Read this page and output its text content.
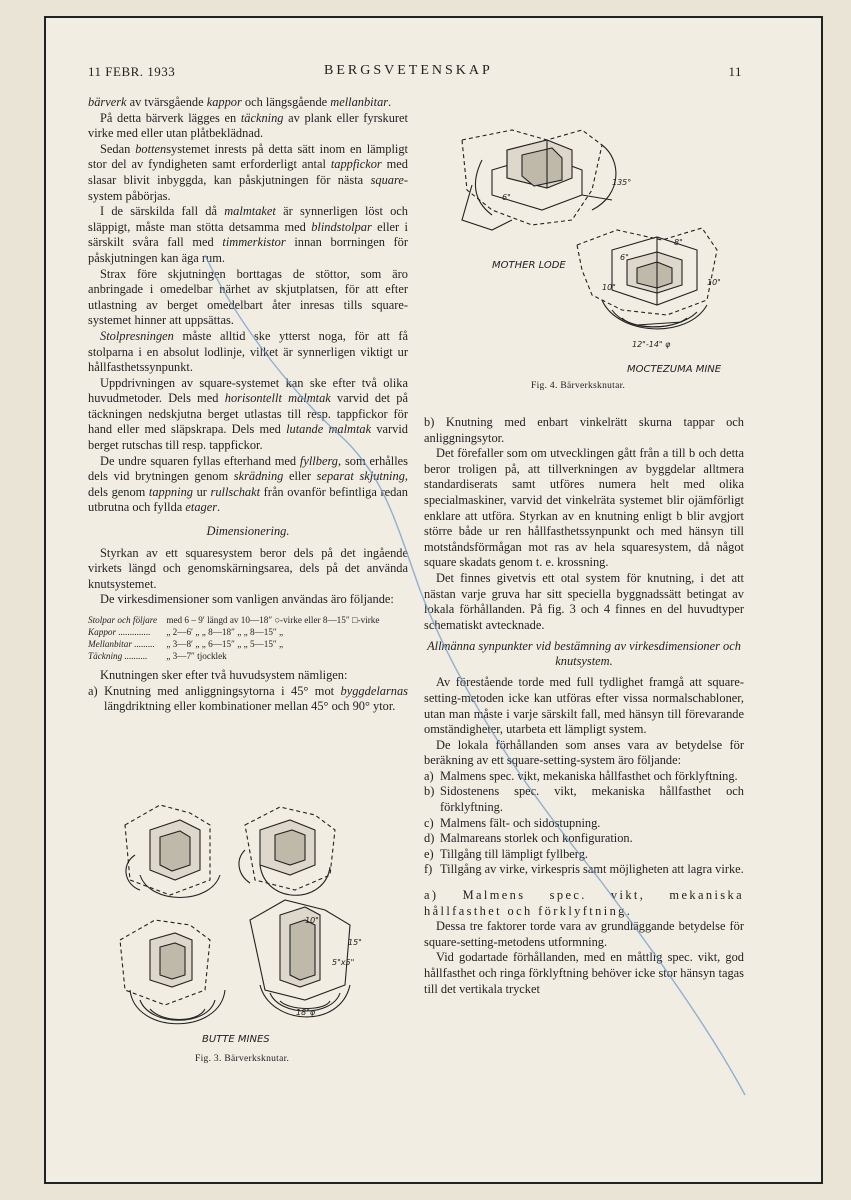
11 FEBR. 1933	BERGSVETENSKAP	11

bärverk av tvärsgående kappor och längsgående mellanbitar.

På detta bärverk lägges en täckning av plank eller fyrskuret virke med eller utan plåtbeklädnad.

Sedan bottensystemet inrests på detta sätt inom en lämpligt stor del av fyndigheten samt erforderligt antal tappfickor med slasar blivit inbyggda, kan påskjutningen för nästa square-system påbörjas.

I de särskilda fall då malmtaket är synnerligen löst och släppigt, måste man stötta detsamma med blindstolpar eller i särskilt svåra fall med timmerkistor innan borrningen för påskjutningen kan äga rum.

Strax före skjutningen borttagas de stöttor, som äro anbringade i omedelbar närhet av skjutplatsen, för att efter utlastning av berget omedelbart åter inresas tills square-systemet hinner att uppsättas.

Stolpresningen måste alltid ske ytterst noga, för att få stolparna i en absolut lodlinje, vilket är synnerligen viktigt ur hållfasthetssynpunkt.

Uppdrivningen av square-systemet kan ske efter två olika huvudmetoder. Dels med horisontellt malmtak varvid det på täckningen nedskjutna berget utlastas till resp. tappfickor för hand eller med släpskrapa. Dels med lutande malmtak varvid berget rutschas till resp. tappfickor.

De undre squaren fyllas efterhand med fyllberg, som erhålles dels vid brytningen genom skrädning eller separat skjutning, dels genom tappning ur rullschakt från ovanför befintliga redan utbrutna och fyllda etager.

Dimensionering.

Styrkan av ett squaresystem beror dels på det ingående virkets längd och genomskärningsarea, dels på det använda knutsystemet.

De virkesdimensioner som vanligen användas äro följande:

Stolpar och följare	med 6 – 9′ längd av 10—18″ ○-virke eller 8—15″ □-virke
Kappor ..............	„ 2—6′ „ „ 8—18″ „ „ 8—15″ „
Mellanbitar .........	„ 3—8′ „ „ 6—15″ „ „ 5—15″ „
Täckning ..........	„ 3—7″ tjocklek

Knutningen sker efter två huvudsystem nämligen:

a) Knutning med anliggningsytorna i 45° mot byggdelarnas längdriktning eller kombinationer mellan 45° och 90° ytor.

MOTHER LODE
MOCTEZUMA MINE
6"
135°
6"
8"
10"
10"
12"-14" φ
Fig. 4. Bärverksknutar.

b) Knutning med enbart vinkelrätt skurna tappar och anliggningsytor.

Det förefaller som om utvecklingen gått från a till b och detta beror troligen på, att tillverkningen av byggdelar alltmera standardiserats samt utföres numera helt med olika specialmaskiner, varvid det vinkelräta systemet blir ojämförligt enklare att utföra. Styrkan av en knutning enligt b blir avgjort större både ur ren hållfasthetssynpunkt och med hänsyn till motståndsförmågan mot ras av hela squaresystem, då något square skadats genom t. e. krossning.

Det finnes givetvis ett otal system för knutning, i det att nästan varje gruva har sitt speciella byggnadssätt betingat av lokala förhållanden. På fig. 3 och 4 finnes en del huvudtyper schematiskt avtecknade.

Allmänna synpunkter vid bestämning av virkesdimensioner och knutsystem.

Av förestående torde med full tydlighet framgå att square-setting-metoden icke kan utföras efter vissa normalschabloner, utan man måste i varje särskilt fall, med hänsyn till förevarande omständigheter, utarbeta ett lämpligt system.

De lokala förhållanden som anses vara av betydelse för beräkning av ett square-setting-system äro följande:

a) Malmens spec. vikt, mekaniska hållfasthet och förklyftning.

b) Sidostenens spec. vikt, mekaniska hållfasthet och förklyftning.

c) Malmens fält- och sidostupning.

d) Malmareans storlek och konfiguration.

e) Tillgång till lämpligt fyllberg.

f) Tillgång av virke, virkespris samt möjligheten att lagra virke.

a) Malmens spec. vikt, mekaniska hållfasthet och förklyftning.

Dessa tre faktorer torde vara av grundläggande betydelse för square-setting-metodens utformning.

Vid godartade förhållanden, med en måttlig spec. vikt, god hållfasthet och ringa förklyftning behöver icke stor hänsyn tagas till det vertikala trycket

BUTTE MINES
10"
15"
5"x5"
18"φ
Fig. 3. Bärverksknutar.
